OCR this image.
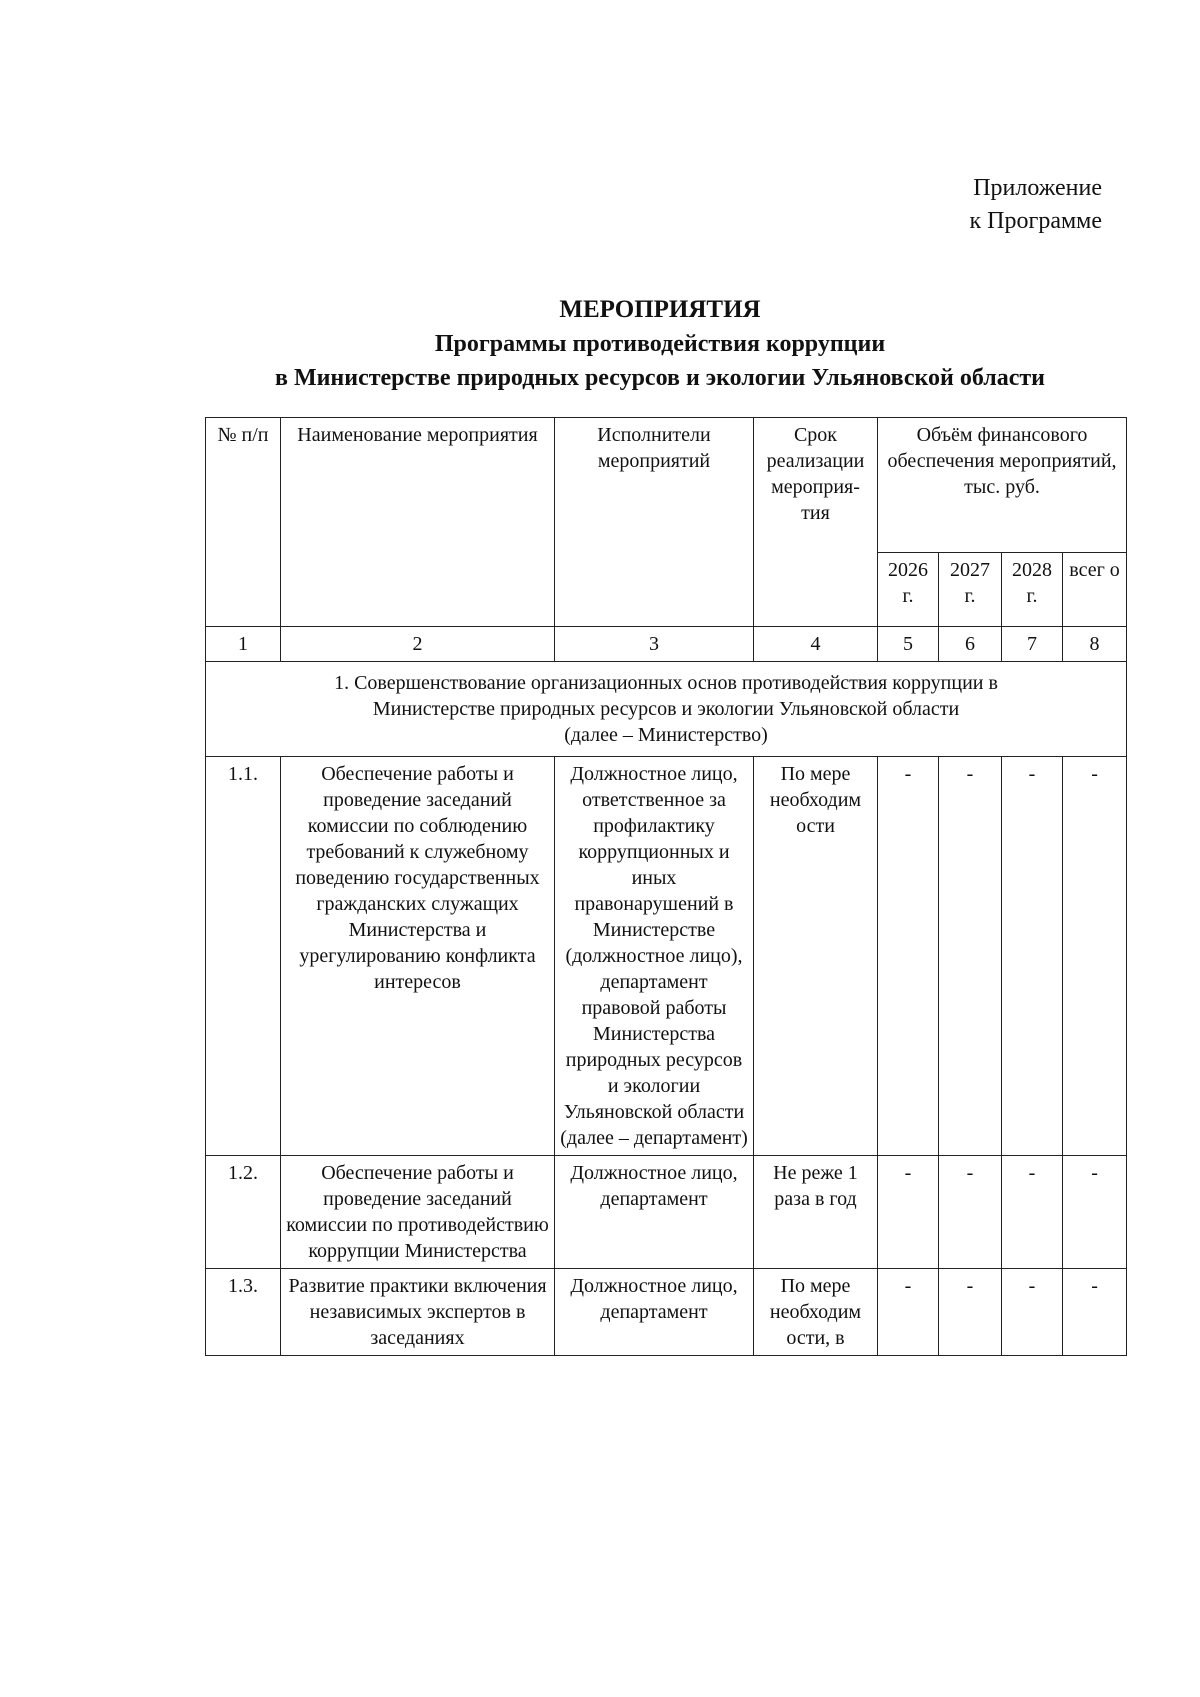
Приложение
к Программе
МЕРОПРИЯТИЯ
Программы противодействия коррупции
в Министерстве природных ресурсов и экологии Ульяновской области
№ п/п	Наименование мероприятия	Исполнители мероприятий	Срок реализации мероприя-тия	Объём финансового обеспечения мероприятий, тыс. руб.			
				2026 г.	2027 г.	2028 г.	всег о
1	2	3	4	5	6	7	8

1. Совершенствование организационных основ противодействия коррупции в
Министерстве природных ресурсов и экологии Ульяновской области
(далее – Министерство)							

1.1.	Обеспечение работы и проведение заседаний комиссии по соблюдению требований к служебному поведению государственных гражданских служащих Министерства и урегулированию конфликта интересов	Должностное лицо, ответственное за профилактику коррупционных и иных правонарушений в Министерстве (должностное лицо), департамент правовой работы Министерства природных ресурсов и экологии Ульяновской области (далее – департамент)	По мере необходим ости	-	-	-	-
1.2.	Обеспечение работы и проведение заседаний комиссии по противодействию коррупции Министерства	Должностное лицо, департамент	Не реже 1 раза в год	-	-	-	-
1.3.	Развитие практики включения независимых экспертов в заседаниях	Должностное лицо, департамент	По мере необходим ости, в	-	-	-	-
